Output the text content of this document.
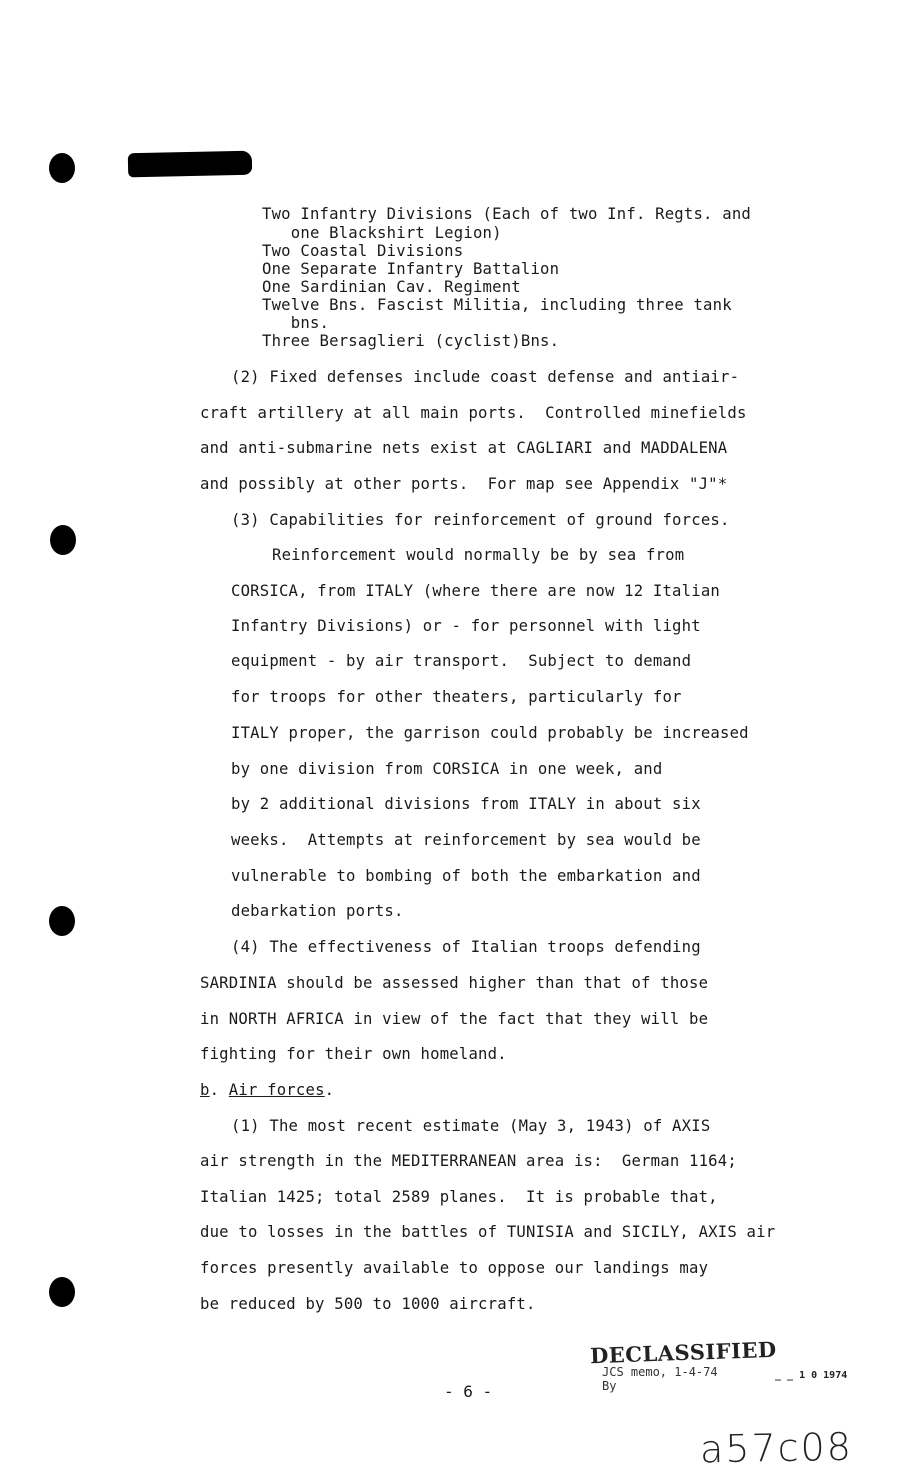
Two Infantry Divisions (Each of two Inf. Regts. and
one Blackshirt Legion)
Two Coastal Divisions
One Separate Infantry Battalion
One Sardinian Cav. Regiment
Twelve Bns. Fascist Militia, including three tank
bns.
Three Bersaglieri (cyclist)Bns.
(2) Fixed defenses include coast defense and antiair-
craft artillery at all main ports.  Controlled minefields
and anti-submarine nets exist at CAGLIARI and MADDALENA
and possibly at other ports.  For map see Appendix "J"*
(3) Capabilities for reinforcement of ground forces.
Reinforcement would normally be by sea from
CORSICA, from ITALY (where there are now 12 Italian
Infantry Divisions) or - for personnel with light
equipment - by air transport.  Subject to demand
for troops for other theaters, particularly for
ITALY proper, the garrison could probably be increased
by one division from CORSICA in one week, and
by 2 additional divisions from ITALY in about six
weeks.  Attempts at reinforcement by sea would be
vulnerable to bombing of both the embarkation and
debarkation ports.
(4) The effectiveness of Italian troops defending
SARDINIA should be assessed higher than that of those
in NORTH AFRICA in view of the fact that they will be
fighting for their own homeland.
b. Air forces.
(1) The most recent estimate (May 3, 1943) of AXIS
air strength in the MEDITERRANEAN area is:  German 1164;
Italian 1425; total 2589 planes.  It is probable that,
due to losses in the battles of TUNISIA and SICILY, AXIS air
forces presently available to oppose our landings may
be reduced by 500 to 1000 aircraft.
DECLASSIFIED
JCS memo, 1-4-74
By
_ _ 1 0 1974
- 6 -
a57c08
